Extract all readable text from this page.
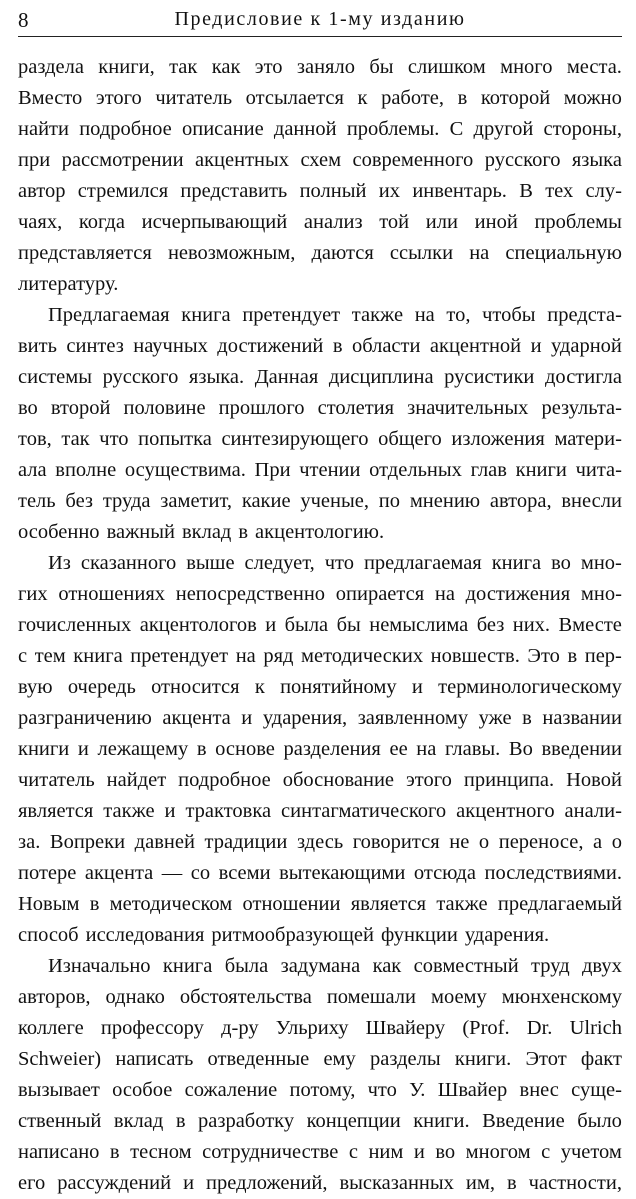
8	Предисловие к 1-му изданию
раздела книги, так как это заняло бы слишком много места.
Вместо этого читатель отсылается к работе, в которой можно
найти подробное описание данной проблемы. С другой стороны,
при рассмотрении акцентных схем современного русского языка
автор стремился представить полный их инвентарь. В тех слу-
чаях, когда исчерпывающий анализ той или иной проблемы
представляется невозможным, даются ссылки на специальную
литературу.
Предлагаемая книга претендует также на то, чтобы предста-
вить синтез научных достижений в области акцентной и ударной
системы русского языка. Данная дисциплина русистики достигла
во второй половине прошлого столетия значительных результа-
тов, так что попытка синтезирующего общего изложения матери-
ала вполне осуществима. При чтении отдельных глав книги чита-
тель без труда заметит, какие ученые, по мнению автора, внесли
особенно важный вклад в акцентологию.
Из сказанного выше следует, что предлагаемая книга во мно-
гих отношениях непосредственно опирается на достижения мно-
гочисленных акцентологов и была бы немыслима без них. Вместе
с тем книга претендует на ряд методических новшеств. Это в пер-
вую очередь относится к понятийному и терминологическому
разграничению акцента и ударения, заявленному уже в названии
книги и лежащему в основе разделения ее на главы. Во введении
читатель найдет подробное обоснование этого принципа. Новой
является также и трактовка синтагматического акцентного анали-
за. Вопреки давней традиции здесь говорится не о переносе, а о
потере акцента — со всеми вытекающими отсюда последствиями.
Новым в методическом отношении является также предлагаемый
способ исследования ритмообразующей функции ударения.
Изначально книга была задумана как совместный труд двух
авторов, однако обстоятельства помешали моему мюнхенскому
коллеге профессору д-ру Ульриху Швайеру (Prof. Dr. Ulrich
Schweier) написать отведенные ему разделы книги. Этот факт
вызывает особое сожаление потому, что У. Швайер внес суще-
ственный вклад в разработку концепции книги. Введение было
написано в тесном сотрудничестве с ним и во многом с учетом
его рассуждений и предложений, высказанных им, в частности,
